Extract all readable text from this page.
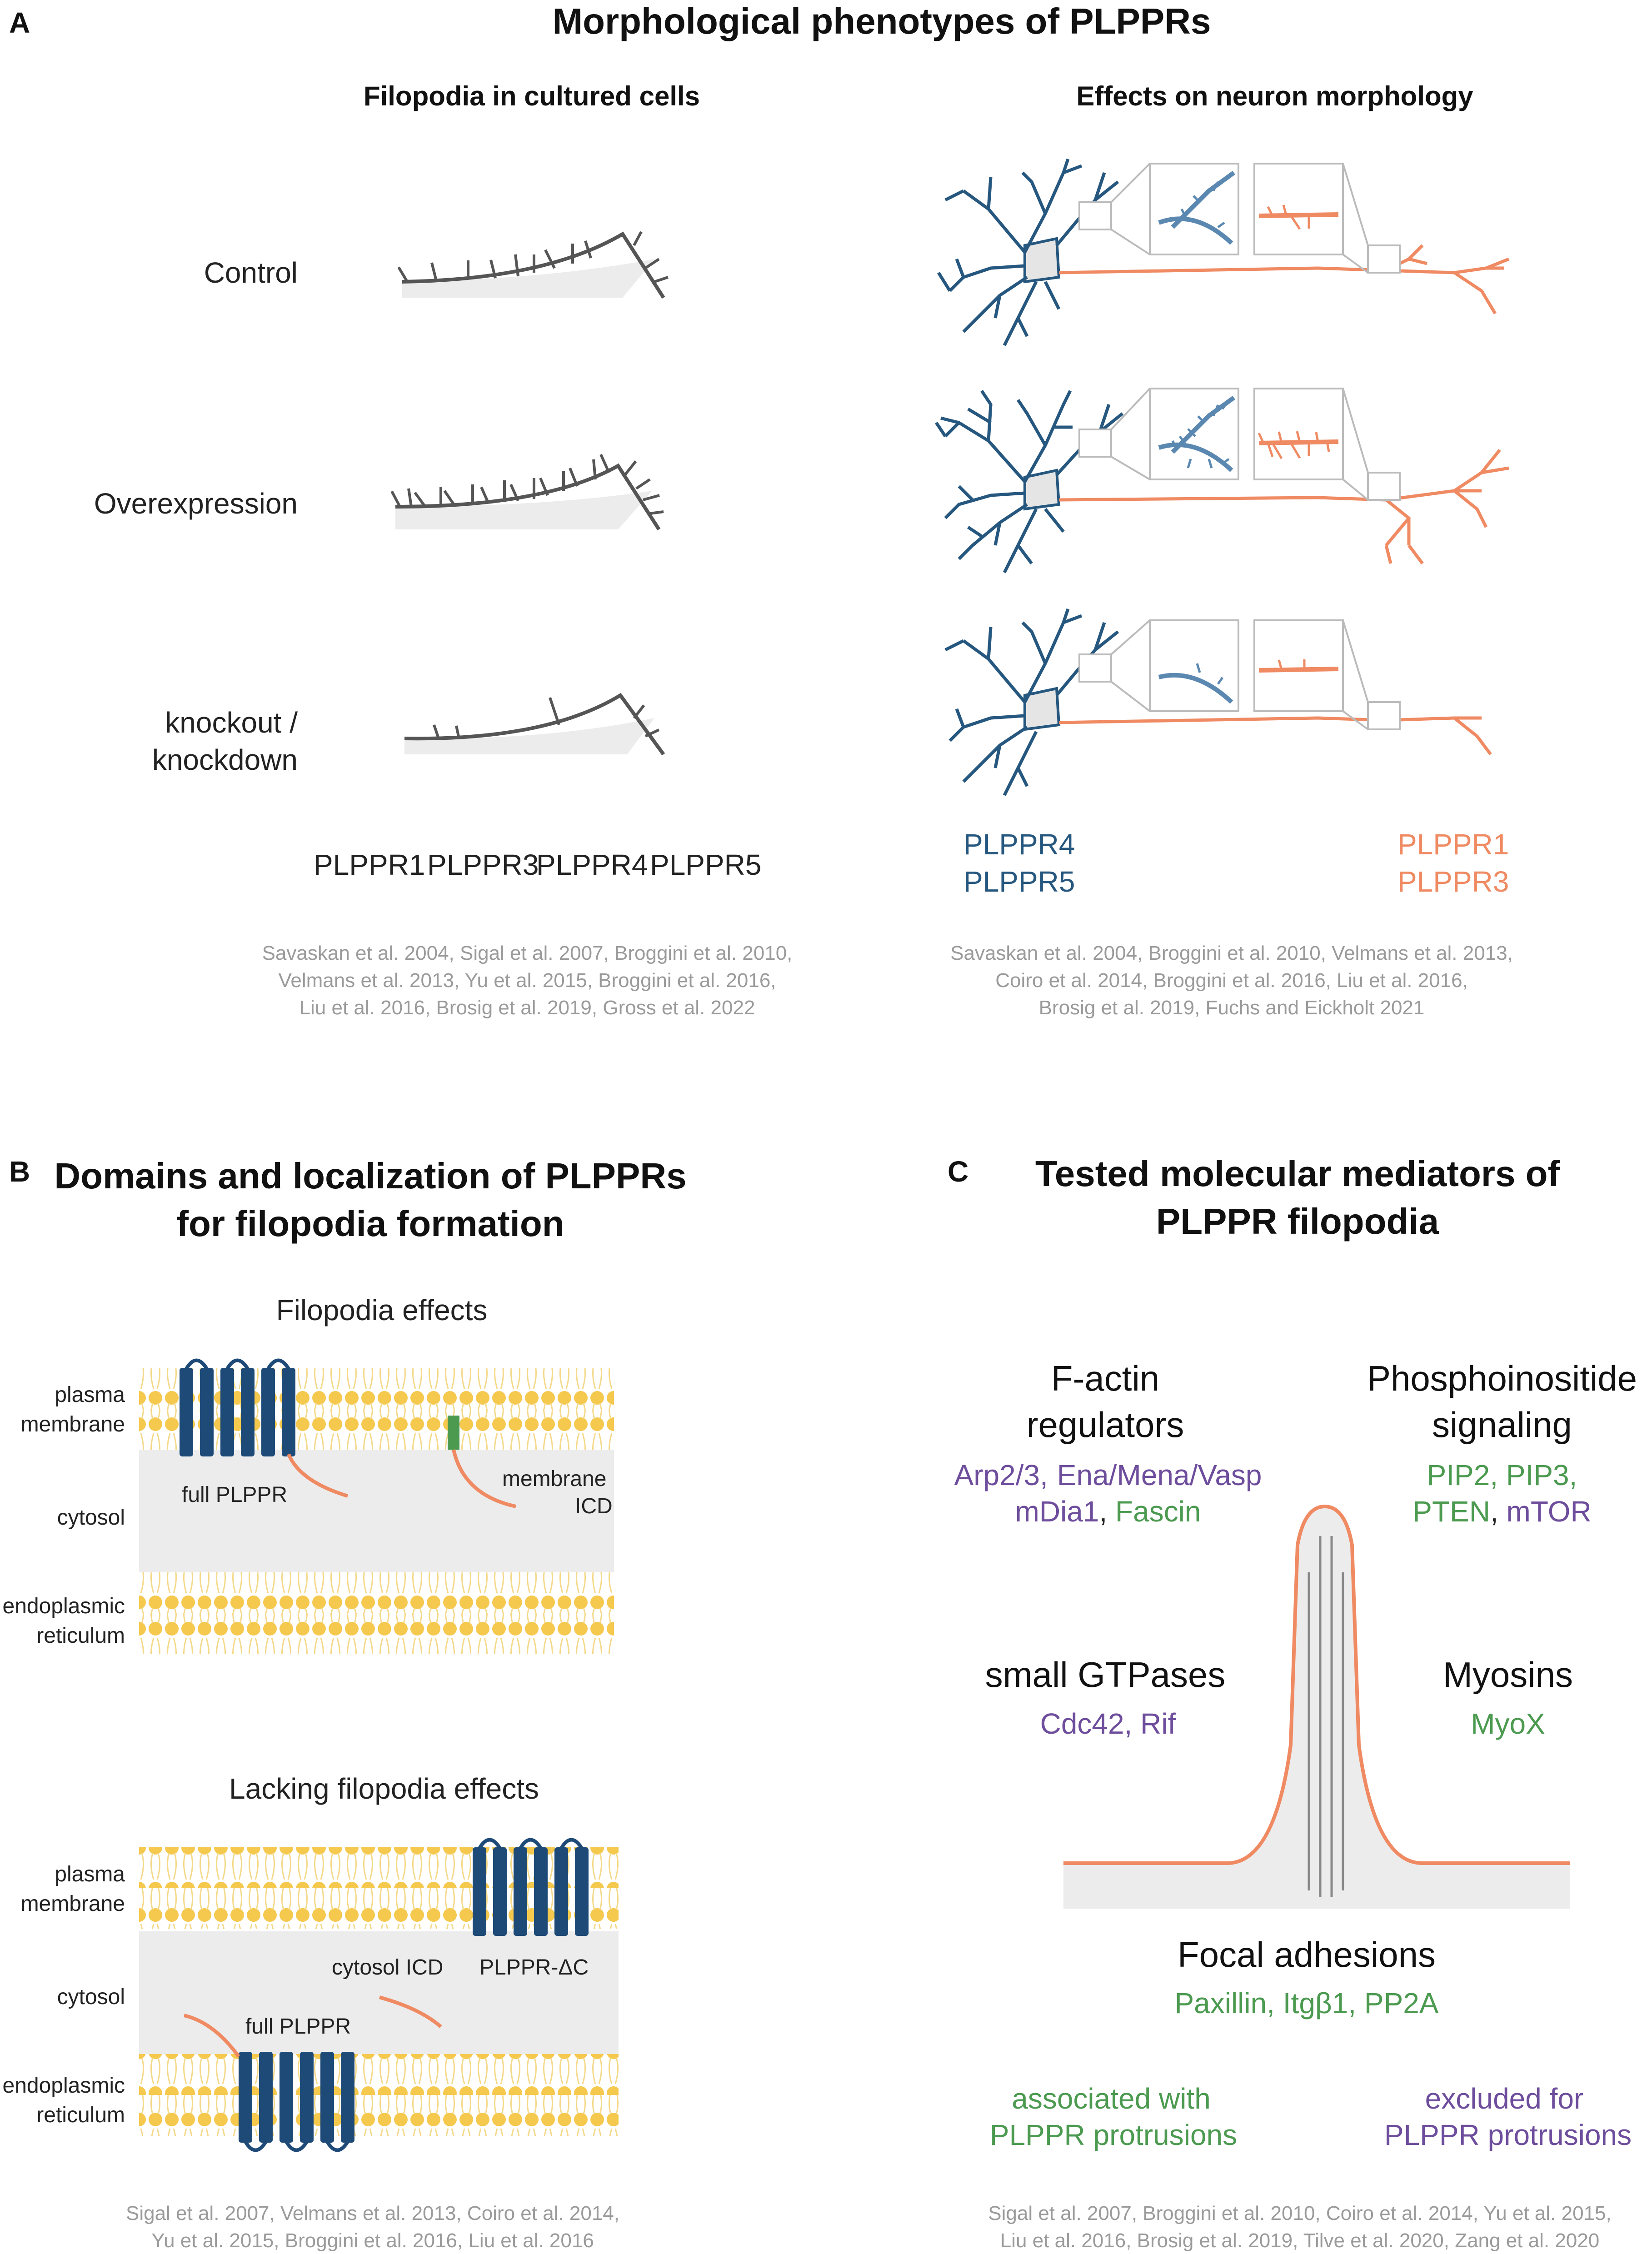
A	Morphological phenotypes of PLPPRs
Filopodia in cultured cells	Effects on neuron morphology
Control
Overexpression
knockout /
knockdown
PLPPR1 PLPPR3
PLPPR4 PLPPR5
PLPPR4
PLPPR5
PLPPR1
PLPPR3
Savaskan et al. 2004, Sigal et al. 2007, Broggini et al. 2010,
Velmans et al. 2013, Yu et al. 2015, Broggini et al. 2016,
Liu et al. 2016, Brosig et al. 2019, Gross et al. 2022
Savaskan et al. 2004, Broggini et al. 2010, Velmans et al. 2013,
Coiro et al. 2014, Broggini et al. 2016, Liu et al. 2016,
Brosig et al. 2019, Fuchs and Eickholt 2021
B Domains and localization of PLPPRs
for filopodia formation
Filopodia effects
plasma
membrane
cytosol
endoplasmic
reticulum
full PLPPR
membrane
ICD
Lacking filopodia effects
plasma
membrane
cytosol
endoplasmic
reticulum
cytosol ICD PLPPR-ΔC
full PLPPR
Sigal et al. 2007, Velmans et al. 2013, Coiro et al. 2014,
Yu et al. 2015, Broggini et al. 2016, Liu et al. 2016
C Tested molecular mediators of
PLPPR filopodia
F-actin
regulators
Arp2/3, Ena/Mena/Vasp
mDia1, Fascin
Phosphoinositide
signaling
PIP2, PIP3,
PTEN, mTOR
small GTPases
Cdc42, Rif
Myosins
MyoX
Focal adhesions
Paxillin, Itgβ1, PP2A
associated with
PLPPR protrusions
excluded for
PLPPR protrusions
Sigal et al. 2007, Broggini et al. 2010, Coiro et al. 2014, Yu et al. 2015,
Liu et al. 2016, Brosig et al. 2019, Tilve et al. 2020, Zang et al. 2020
